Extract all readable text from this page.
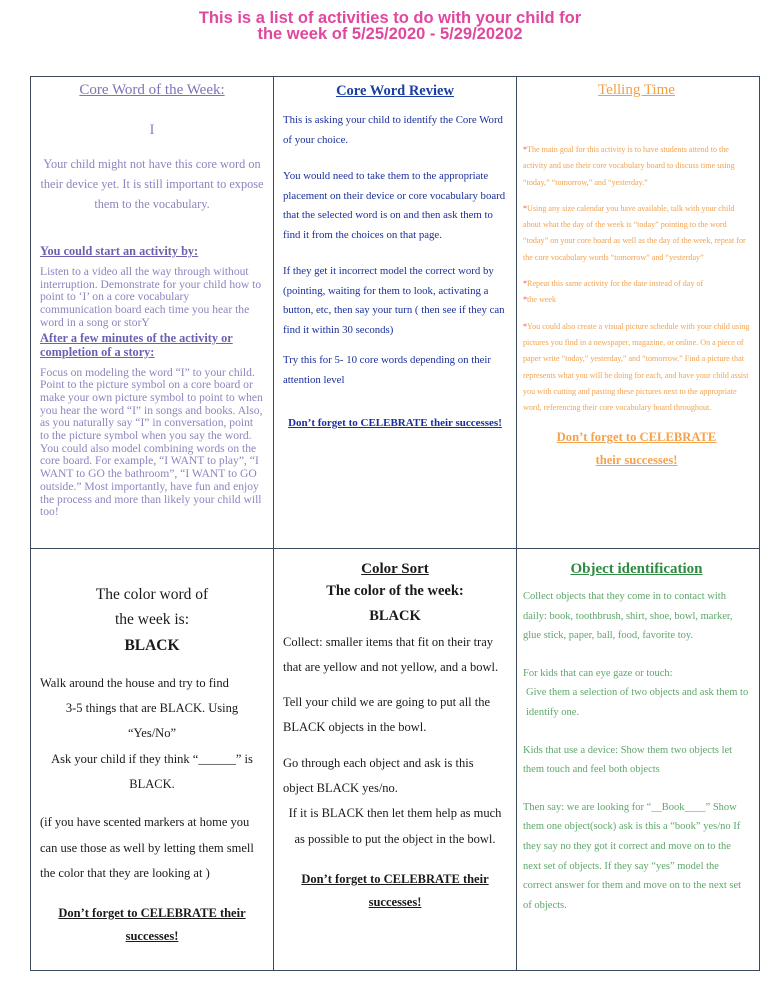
This is a list of activities to do with your child for
the week of 5/25/2020 - 5/29/20202
Core Word of the Week:
I

Your child might not have this core word on their device yet. It is still important to expose them to the vocabulary.

You could start an activity by:

Listen to a video all the way through without interruption. Demonstrate for your child how to point to ‘I’ on a core vocabulary communication board each time you hear the word in a song or storY

After a few minutes of the activity or completion of a story:

Focus on modeling the word “I” to your child. Point to the picture symbol on a core board or make your own picture symbol to point to when you hear the word “I” in songs and books. Also, as you naturally say “I” in conversation, point to the picture symbol when you say the word. You could also model combining words on the core board. For example, “I WANT to play”, “I WANT to GO the bathroom”, “I WANT to GO outside.” Most importantly, have fun and enjoy the process and more than likely your child will too!

Core Word Review

This is asking your child to identify the Core Word of your choice.

You would need to take them to the appropriate placement on their device or core vocabulary board that the selected word is on and then ask them to find it from the choices on that page.

If they get it incorrect model the correct word by (pointing, waiting for them to look, activating a button, etc, then say your turn ( then see if they can find it within 30 seconds)

Try this for 5- 10 core words depending on their attention level

Don’t forget to CELEBRATE their successes!

Telling Time

*The main goal for this activity is to have students attend to the activity and use their core vocabulary board to discuss time using “today,” “tomorrow,” and “yesterday.”

*Using any size calendar you have available, talk with your child about what the day of the week is “today” pointing to the word “today” on your core board as well as the day of the week, repeat for the core vocabulary words “tomorrow” and “yesterday”

*Repeat this same activity for the date instead of day of
*the week

*You could also create a visual picture schedule with your child using pictures you find in a newspaper, magazine, or online. On a piece of paper write “today,” yesterday,” and “tomorrow.” Find a picture that represents what you will be doing for each, and have your child assist you with cutting and pasting these pictures next to the appropriate word, referencing their core vocabulary board throughout.

Don’t forget to CELEBRATE
their successes!

The color word of

the week is:

BLACK

Walk around the house and try to find

3-5 things that are BLACK. Using

“Yes/No”

Ask your child if they think “______” is

BLACK.

(if you have scented markers at home you can use those as well by letting them smell the color that they are looking at )

Don’t forget to CELEBRATE their successes!

Color Sort

The color of the week:

BLACK

Collect: smaller items that fit on their tray that are yellow and not yellow, and a bowl.

Tell your child we are going to put all the BLACK objects in the bowl.

Go through each object and ask is this object BLACK yes/no.

If it is BLACK then let them help as much as possible to put the object in the bowl.

Don’t forget to CELEBRATE their successes!

Object identification

Collect objects that they come in to contact with daily: book, toothbrush, shirt, shoe, bowl, marker, glue stick, paper, ball, food, favorite toy.

For kids that can eye gaze or touch:

Give them a selection of two objects and ask them to identify one.

Kids that use a device: Show them two objects let them touch and feel both objects

Then say: we are looking for “__Book____” Show them one object(sock) ask is this a “book” yes/no If they say no they got it correct and move on to the next set of objects. If they say “yes” model the correct answer for them and move on to the next set of objects.
